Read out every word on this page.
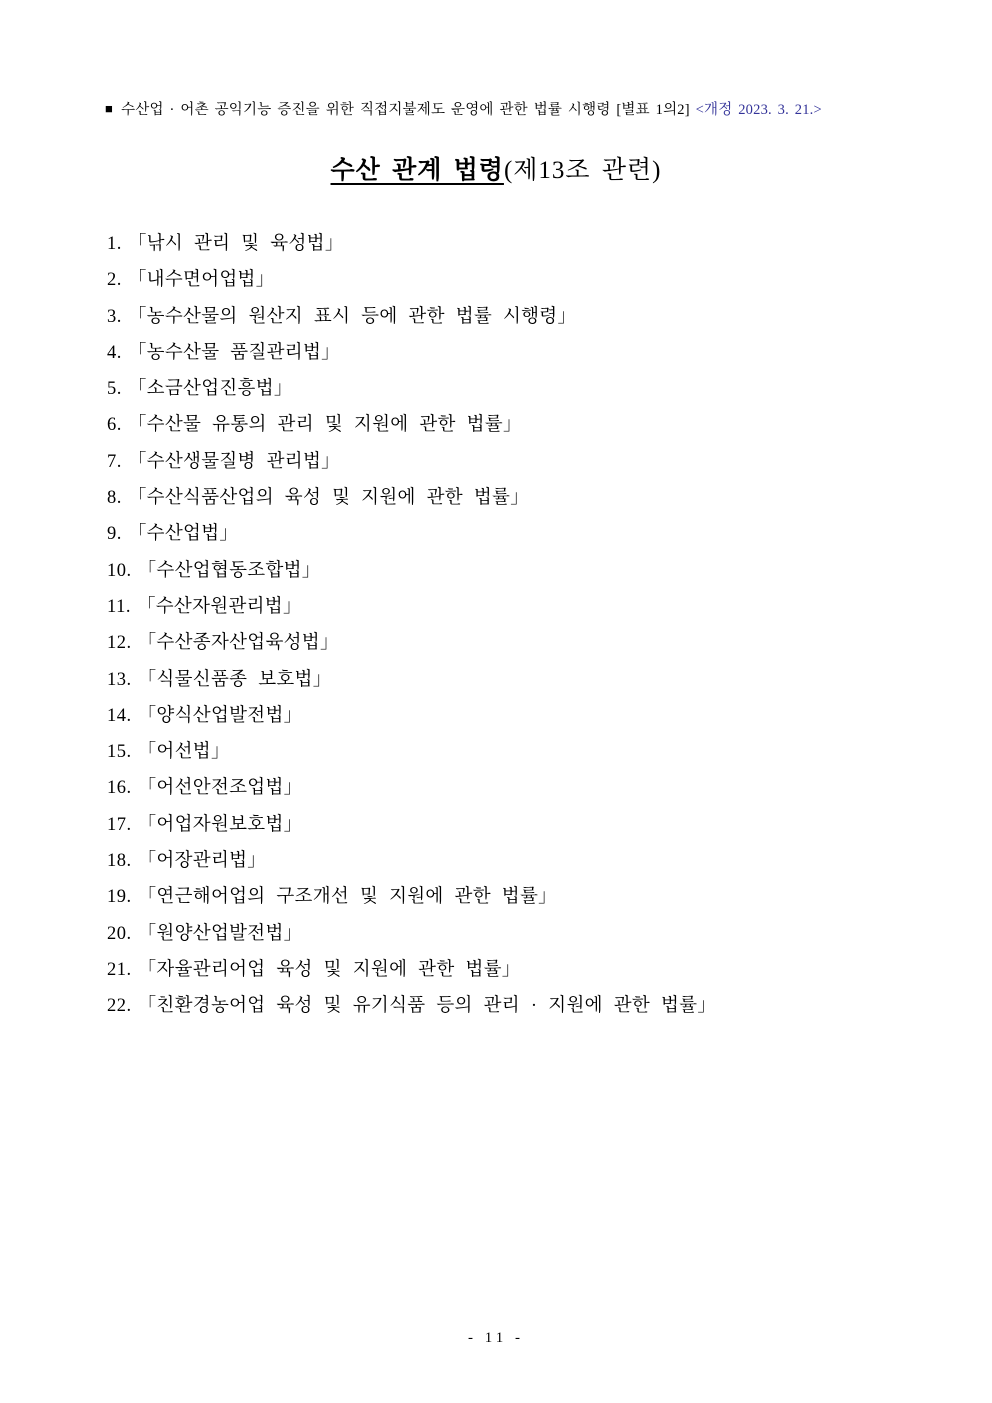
■ 수산업 · 어촌 공익기능 증진을 위한 직접지불제도 운영에 관한 법률 시행령 [별표 1의2] <개정 2023. 3. 21.>
수산 관계 법령(제13조 관련)
1. 「낚시 관리 및 육성법」
2. 「내수면어업법」
3. 「농수산물의 원산지 표시 등에 관한 법률 시행령」
4. 「농수산물 품질관리법」
5. 「소금산업진흥법」
6. 「수산물 유통의 관리 및 지원에 관한 법률」
7. 「수산생물질병 관리법」
8. 「수산식품산업의 육성 및 지원에 관한 법률」
9. 「수산업법」
10. 「수산업협동조합법」
11. 「수산자원관리법」
12. 「수산종자산업육성법」
13. 「식물신품종 보호법」
14. 「양식산업발전법」
15. 「어선법」
16. 「어선안전조업법」
17. 「어업자원보호법」
18. 「어장관리법」
19. 「연근해어업의 구조개선 및 지원에 관한 법률」
20. 「원양산업발전법」
21. 「자율관리어업 육성 및 지원에 관한 법률」
22. 「친환경농어업 육성 및 유기식품 등의 관리 · 지원에 관한 법률」
- 11 -
